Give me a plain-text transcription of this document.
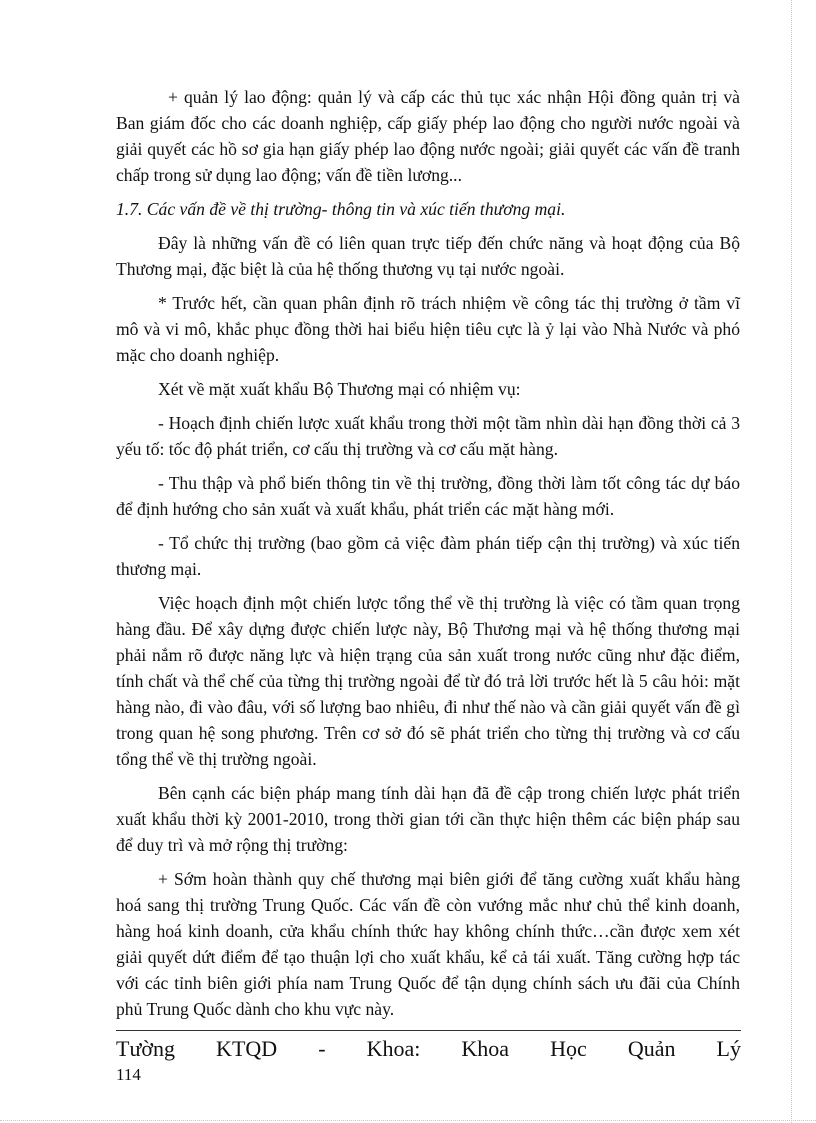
+ quản lý lao động: quản lý và cấp các thủ tục xác nhận Hội đồng quản trị và Ban giám đốc cho các doanh nghiệp, cấp giấy phép lao động cho người nước ngoài và giải quyết các hồ sơ gia hạn giấy phép lao động nước ngoài; giải quyết các vấn đề tranh chấp trong sử dụng lao động; vấn đề tiền lương...

1.7. Các vấn đề về thị trường- thông tin và xúc tiến thương mại.

Đây là những vấn đề có liên quan trực tiếp đến chức năng và hoạt động của Bộ Thương mại, đặc biệt là của hệ thống thương vụ tại nước ngoài.

* Trước hết, cần quan phân định rõ trách nhiệm về công tác thị trường ở tầm vĩ mô và vi mô, khắc phục đồng thời hai biểu hiện tiêu cực là ỷ lại vào Nhà Nước và phó mặc cho doanh nghiệp.

Xét về mặt xuất khẩu Bộ Thương mại có nhiệm vụ:

- Hoạch định chiến lược xuất khẩu trong thời một tầm nhìn dài hạn đồng thời cả 3 yếu tố: tốc độ phát triển, cơ cấu thị trường và cơ cấu mặt hàng.

- Thu thập và phổ biến thông tin về thị trường, đồng thời làm tốt công tác dự báo để định hướng cho sản xuất và xuất khẩu, phát triển các mặt hàng mới.

- Tổ chức thị trường (bao gồm cả việc đàm phán tiếp cận thị trường) và xúc tiến thương mại.

Việc hoạch định một chiến lược tổng thể về thị trường là việc có tầm quan trọng hàng đầu. Để xây dựng được chiến lược này, Bộ Thương mại và hệ thống thương mại phải nắm rõ được năng lực và hiện trạng của sản xuất trong nước cũng như đặc điểm, tính chất và thể chế của từng thị trường ngoài để từ đó trả lời trước hết là 5 câu hỏi: mặt hàng nào, đi vào đâu, với số lượng bao nhiêu, đi như thế nào và cần giải quyết vấn đề gì trong quan hệ song phương. Trên cơ sở đó sẽ phát triển cho từng thị trường và cơ cấu tổng thể về thị trường ngoài.

Bên cạnh các biện pháp mang tính dài hạn đã đề cập trong chiến lược phát triển xuất khẩu thời kỳ 2001-2010, trong thời gian tới cần thực hiện thêm các biện pháp sau để duy trì và mở rộng thị trường:

+ Sớm hoàn thành quy chế thương mại biên giới để tăng cường xuất khẩu hàng hoá sang thị trường Trung Quốc. Các vấn đề còn vướng mắc như chủ thể kinh doanh, hàng hoá kinh doanh, cửa khẩu chính thức hay không chính thức…cần được xem xét giải quyết dứt điểm để tạo thuận lợi cho xuất khẩu, kể cả tái xuất. Tăng cường hợp tác với các tỉnh biên giới phía nam Trung Quốc để tận dụng chính sách ưu đãi của Chính phủ Trung Quốc dành cho khu vực này.

Tường KTQD - Khoa: Khoa Học Quản Lý
114
